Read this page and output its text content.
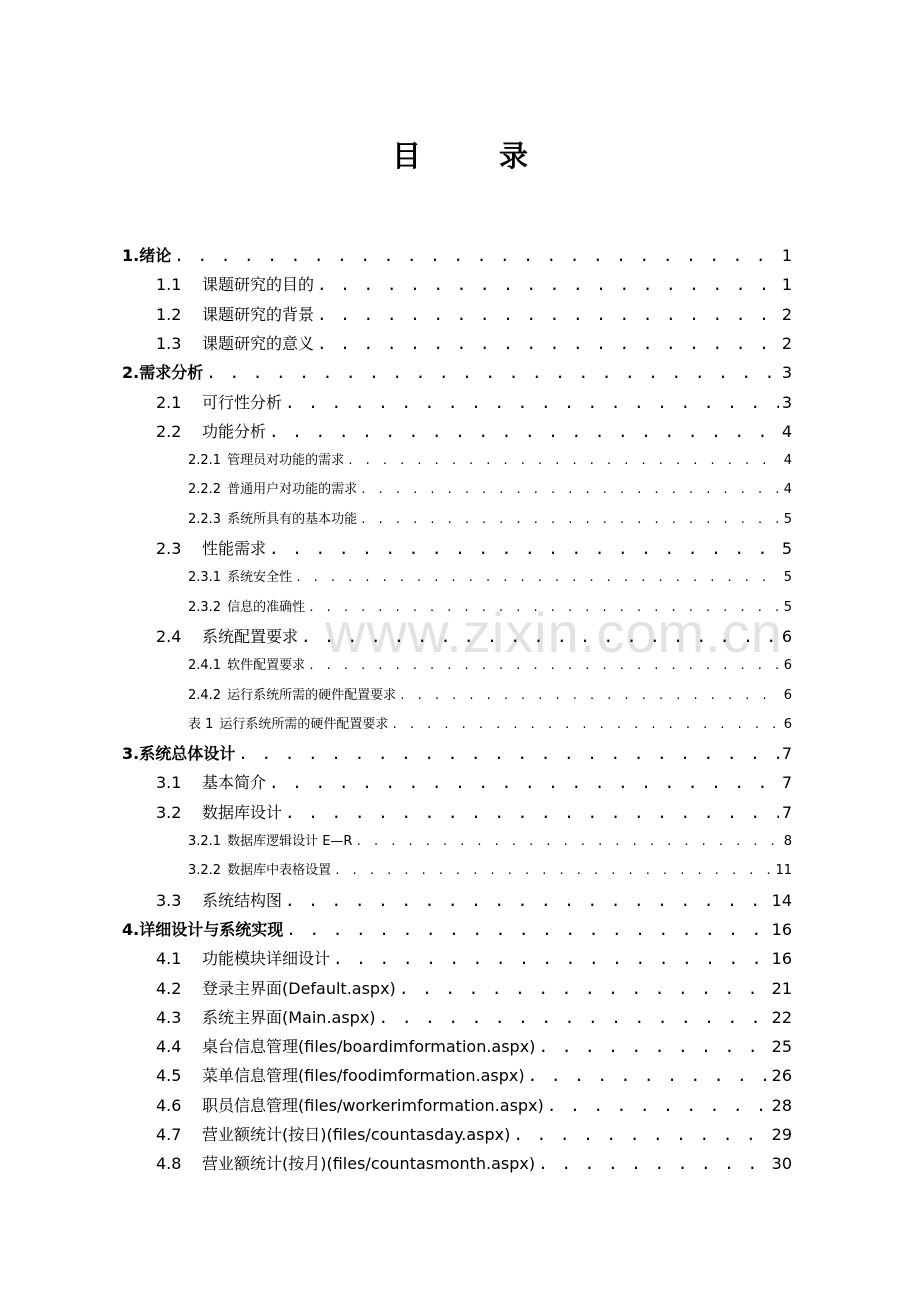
目 录
www.zixin.com.cn
1. 绪论 . . .	1
1.1	课题研究的目的 . . .	1
1.2	课题研究的背景 . . .	2
1.3	课题研究的意义 . . .	2
2. 需求分析 . . .	3
2.1	可行性分析 . . .	3
2.2	功能分析 . . .	4
2.2.1 管理员对功能的需求 . . .	4
2.2.2 普通用户对功能的需求 . . .	4
2.2.3 系统所具有的基本功能 . . .	5
2.3	性能需求 . . .	5
2.3.1 系统安全性 . . .	5
2.3.2 信息的准确性 . . .	5
2.4	系统配置要求 . . .	6
2.4.1 软件配置要求 . . .	6
2.4.2 运行系统所需的硬件配置要求 . . .	6
表 1 运行系统所需的硬件配置要求 . . .	6
3. 系统总体设计 . . .	7
3.1	基本简介 . . .	7
3.2	数据库设计 . . .	7
3.2.1 数据库逻辑设计 E—R . . .	8
3.2.2 数据库中表格设置 . . .	11
3.3	系统结构图 . . .	14
4. 详细设计与系统实现 . . .	16
4.1	功能模块详细设计 . . .	16
4.2	登录主界面(Default.aspx) . . .	21
4.3	系统主界面(Main.aspx) . . .	22
4.4	桌台信息管理(files/boardimformation.aspx) . . .	25
4.5	菜单信息管理(files/foodimformation.aspx) . . .	26
4.6	职员信息管理(files/workerimformation.aspx) . . .	28
4.7	营业额统计(按日)(files/countasday.aspx) . . .	29
4.8	营业额统计(按月)(files/countasmonth.aspx) . . .	30
